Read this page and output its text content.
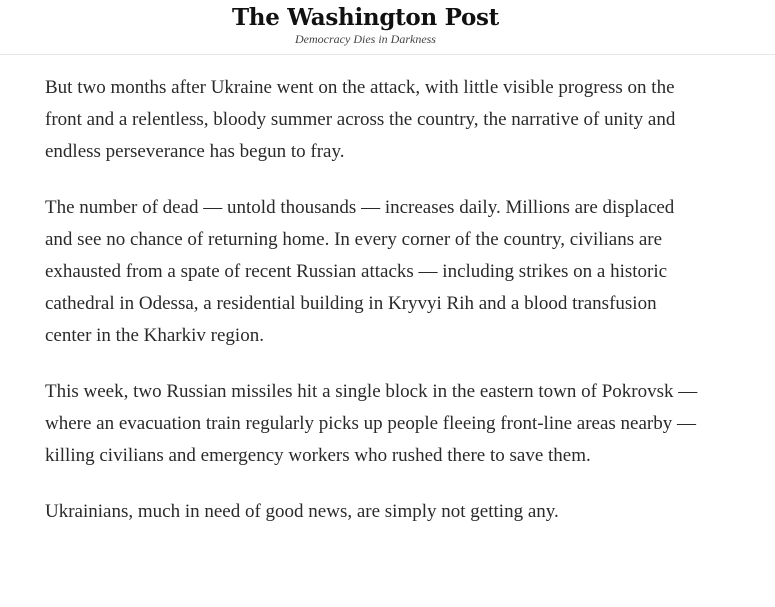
The Washington Post
Democracy Dies in Darkness

But two months after Ukraine went on the attack, with little visible progress on the front and a relentless, bloody summer across the country, the narrative of unity and endless perseverance has begun to fray.

The number of dead — untold thousands — increases daily. Millions are displaced and see no chance of returning home. In every corner of the country, civilians are exhausted from a spate of recent Russian attacks — including strikes on a historic cathedral in Odessa, a residential building in Kryvyi Rih and a blood transfusion center in the Kharkiv region.

This week, two Russian missiles hit a single block in the eastern town of Pokrovsk — where an evacuation train regularly picks up people fleeing front-line areas nearby — killing civilians and emergency workers who rushed there to save them.

Ukrainians, much in need of good news, are simply not getting any.
